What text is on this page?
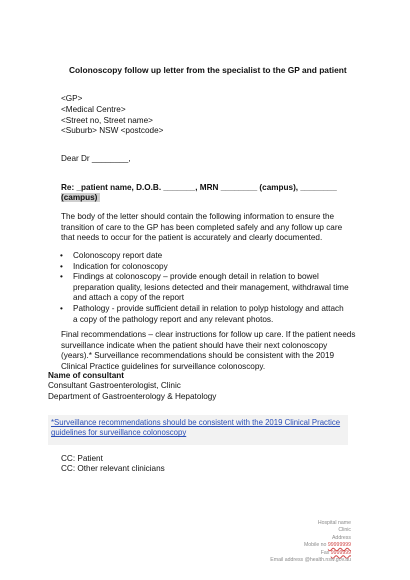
Colonoscopy follow up letter from the specialist to the GP and patient
<GP>
<Medical Centre>
<Street no, Street name>
<Suburb> NSW <postcode>
Dear Dr ________,
Re: _patient name, D.O.B. _______, MRN ________ (campus), ________
(campus)
The body of the letter should contain the following information to ensure the transition of care to the GP has been completed safely and any follow up care that needs to occur for the patient is accurately and clearly documented.
• Colonoscopy report date
• Indication for colonoscopy
• Findings at colonoscopy – provide enough detail in relation to bowel preparation quality, lesions detected and their management, withdrawal time and attach a copy of the report
• Pathology - provide sufficient detail in relation to polyp histology and attach a copy of the pathology report and any relevant photos.
Final recommendations – clear instructions for follow up care. If the patient needs surveillance indicate when the patient should have their next colonoscopy (years).* Surveillance recommendations should be consistent with the 2019 Clinical Practice guidelines for surveillance colonoscopy.
Name of consultant
Consultant Gastroenterologist, Clinic
Department of Gastroenterology & Hepatology
*Surveillance recommendations should be consistent with the 2019 Clinical Practice guidelines for surveillance colonoscopy
CC: Patient
CC: Other relevant clinicians
Hospital name
Clinic
Address
Mobile no 99999999
Fax 9999999
Email address @health.nsw.gov.au
